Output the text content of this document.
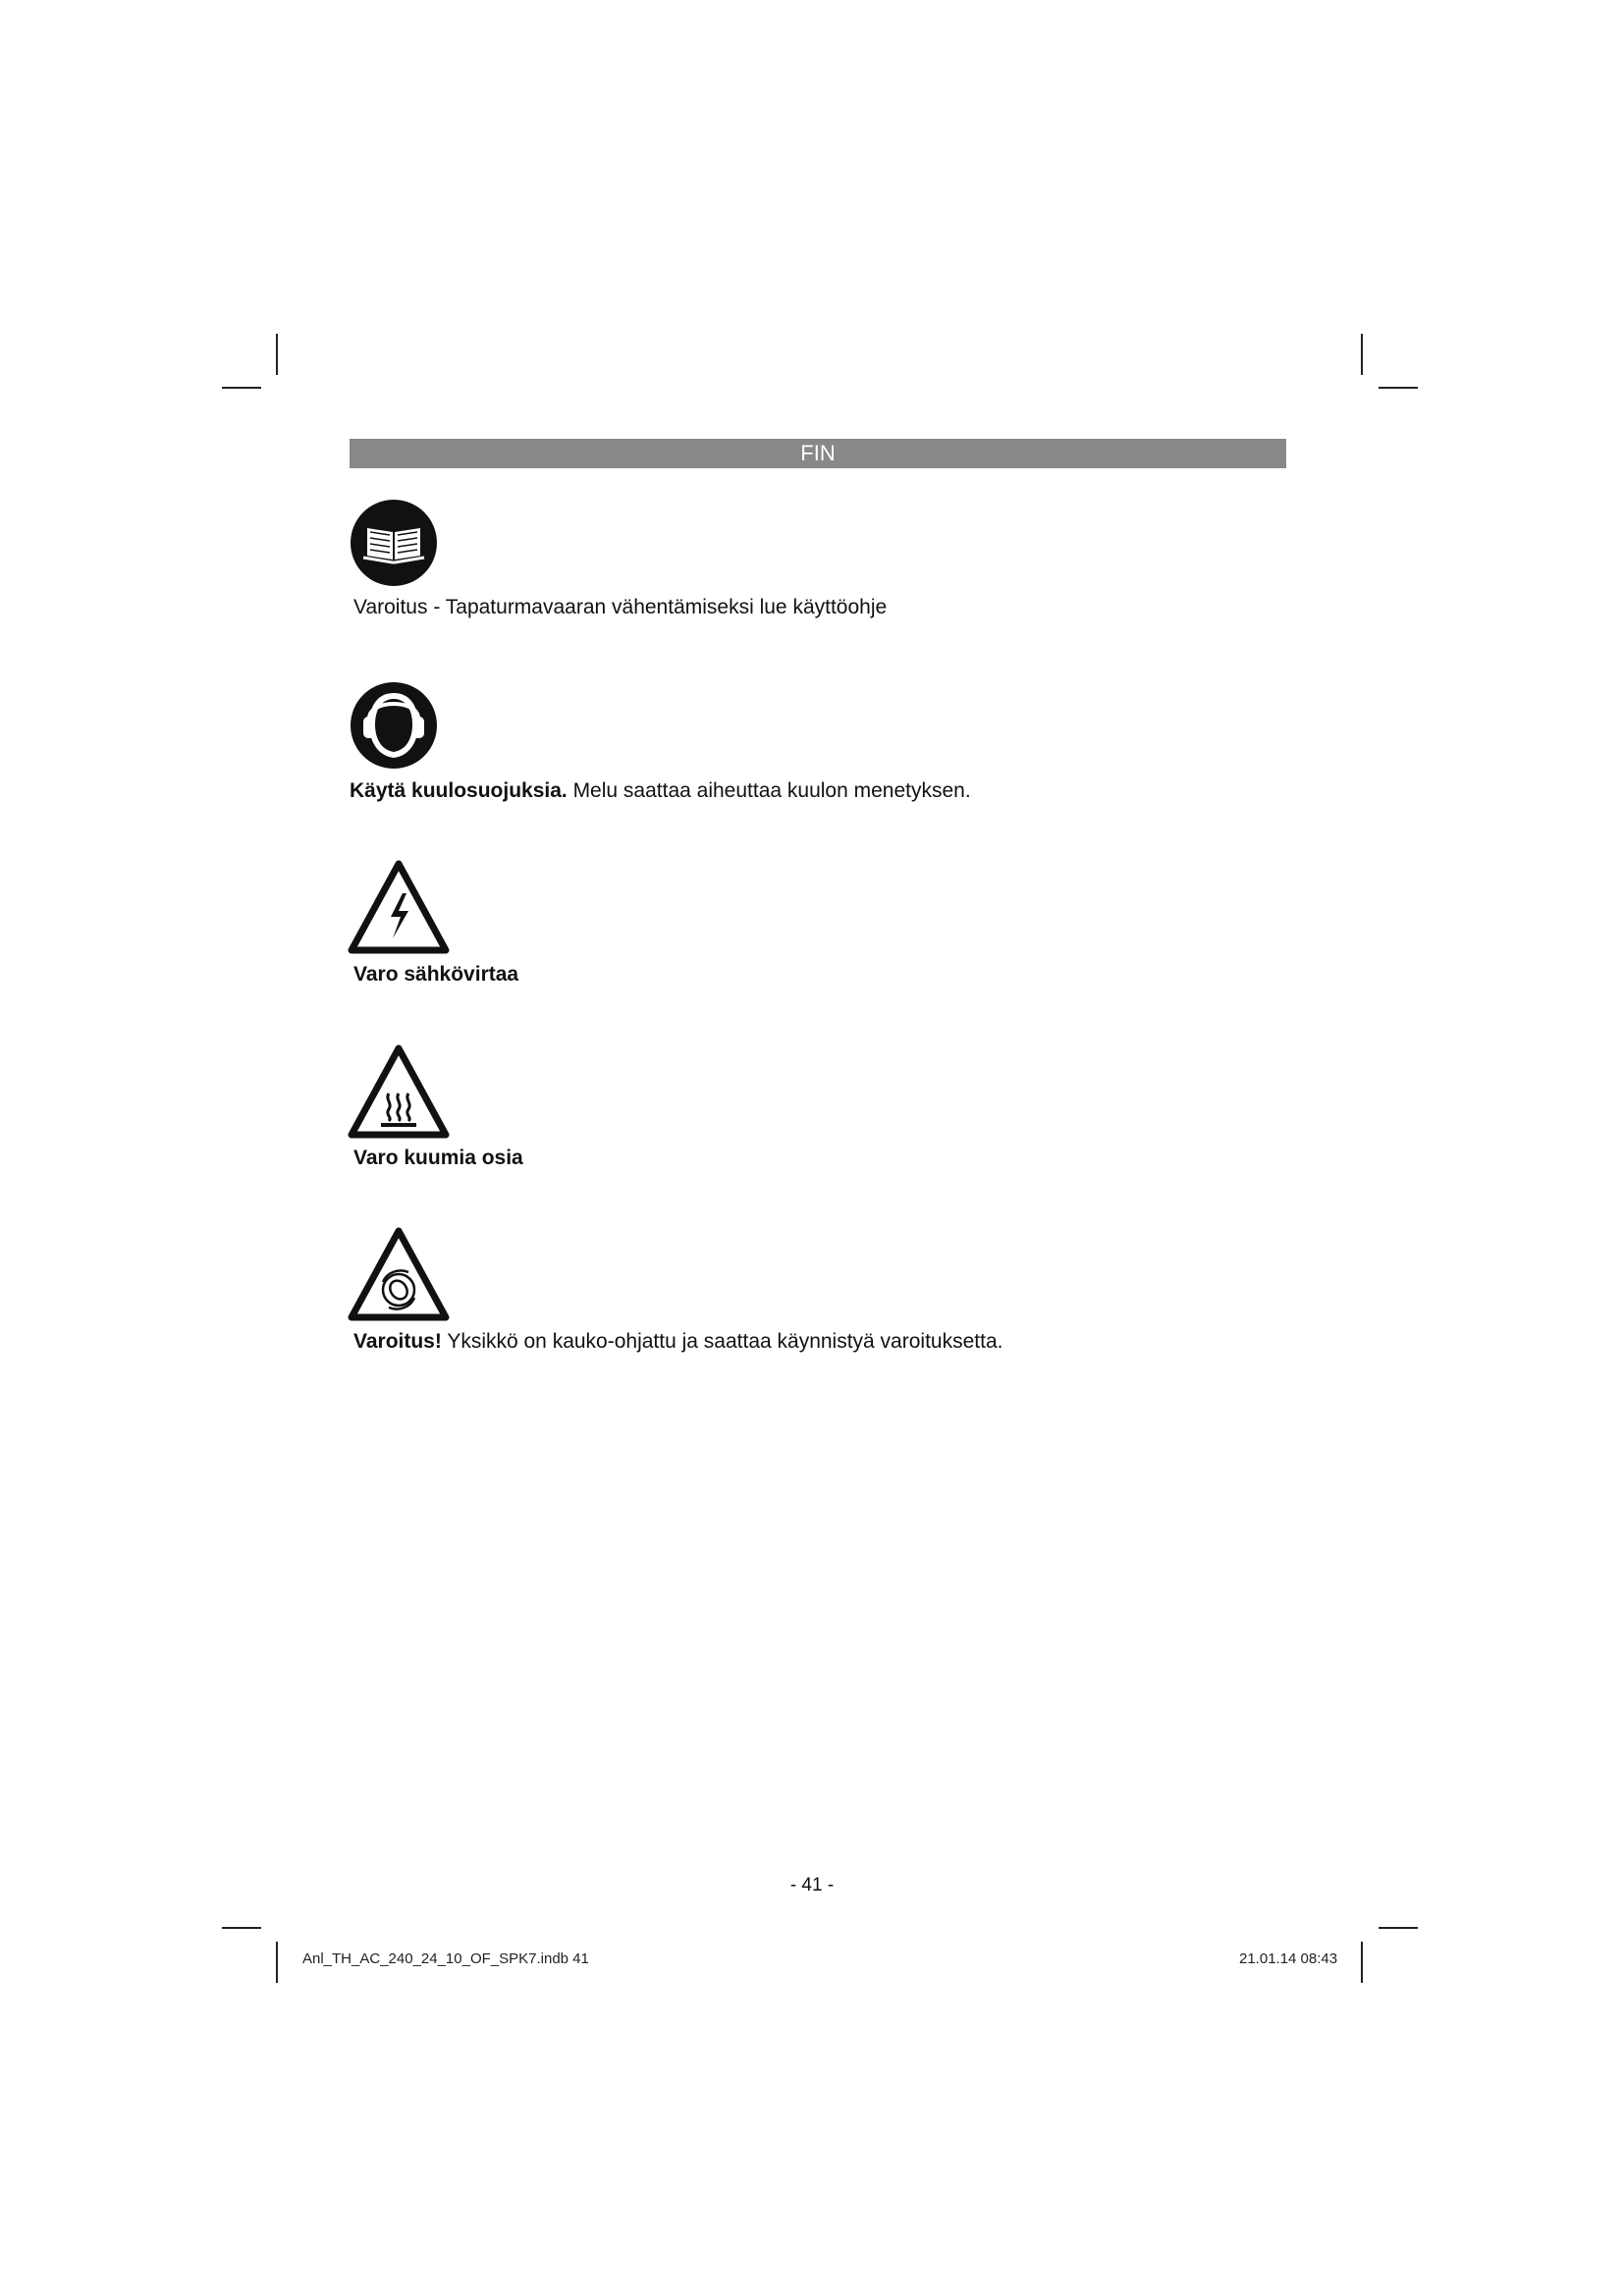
FIN
Varoitus - Tapaturmavaaran vähentämiseksi lue käyttöohje
Käytä kuulosuojuksia. Melu saattaa aiheuttaa kuulon menetyksen.
Varo sähkövirtaa
Varo kuumia osia
Varoitus! Yksikkö on kauko-ohjattu ja saattaa käynnistyä varoituksetta.
- 41 -
Anl_TH_AC_240_24_10_OF_SPK7.indb 41	21.01.14 08:43
